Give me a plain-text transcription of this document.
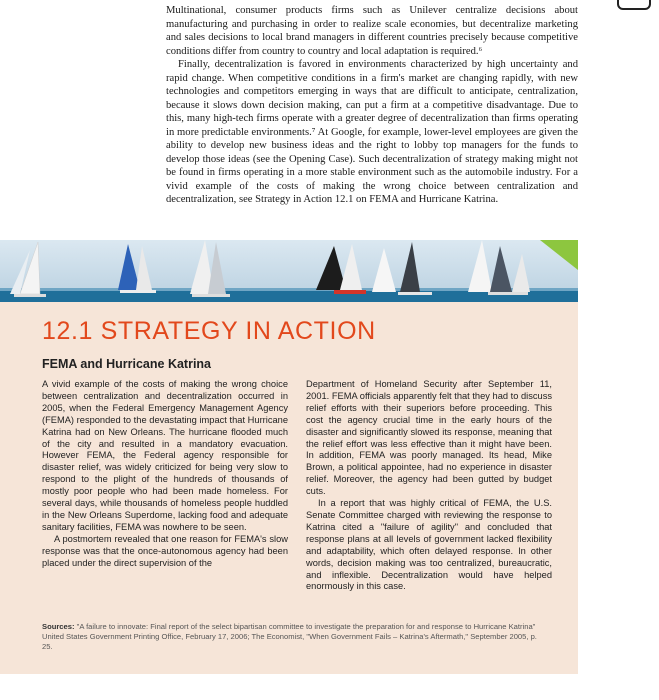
Multinational, consumer products firms such as Unilever centralize decisions about manufacturing and purchasing in order to realize scale economies, but decentralize marketing and sales decisions to local brand managers in different countries precisely because competitive conditions differ from country to country and local adaptation is required.⁶

Finally, decentralization is favored in environments characterized by high uncertainty and rapid change. When competitive conditions in a firm's market are changing rapidly, with new technologies and competitors emerging in ways that are difficult to anticipate, centralization, because it slows down decision making, can put a firm at a competitive disadvantage. Due to this, many high-tech firms operate with a greater degree of decentralization than firms operating in more predictable environments.⁷ At Google, for example, lower-level employees are given the ability to develop new business ideas and the right to lobby top managers for the funds to develop those ideas (see the Opening Case). Such decentralization of strategy making might not be found in firms operating in a more stable environment such as the automobile industry. For a vivid example of the costs of making the wrong choice between centralization and decentralization, see Strategy in Action 12.1 on FEMA and Hurricane Katrina.

12.1 STRATEGY IN ACTION
FEMA and Hurricane Katrina

A vivid example of the costs of making the wrong choice between centralization and decentralization occurred in 2005, when the Federal Emergency Management Agency (FEMA) responded to the devastating impact that Hurricane Katrina had on New Orleans. The hurricane flooded much of the city and resulted in a mandatory evacuation. However FEMA, the Federal agency responsible for disaster relief, was widely criticized for being very slow to respond to the plight of the hundreds of thousands of mostly poor people who had been made homeless. For several days, while thousands of homeless people huddled in the New Orleans Superdome, lacking food and adequate sanitary facilities, FEMA was nowhere to be seen.

A postmortem revealed that one reason for FEMA's slow response was that the once-autonomous agency had been placed under the direct supervision of the

Department of Homeland Security after September 11, 2001. FEMA officials apparently felt that they had to discuss relief efforts with their superiors before proceeding. This cost the agency crucial time in the early hours of the disaster and significantly slowed its response, meaning that the relief effort was less effective than it might have been. In addition, FEMA was poorly managed. Its head, Mike Brown, a political appointee, had no experience in disaster relief. Moreover, the agency had been gutted by budget cuts.

In a report that was highly critical of FEMA, the U.S. Senate Committee charged with reviewing the response to Katrina cited a "failure of agility" and concluded that response plans at all levels of government lacked flexibility and adaptability, which often delayed response. In other words, decision making was too centralized, bureaucratic, and inflexible. Decentralization would have helped enormously in this case.

Sources: "A failure to innovate: Final report of the select bipartisan committee to investigate the preparation for and response to Hurricane Katrina" United States Government Printing Office, February 17, 2006; The Economist, "When Government Fails – Katrina's Aftermath," September 2005, p. 25.
